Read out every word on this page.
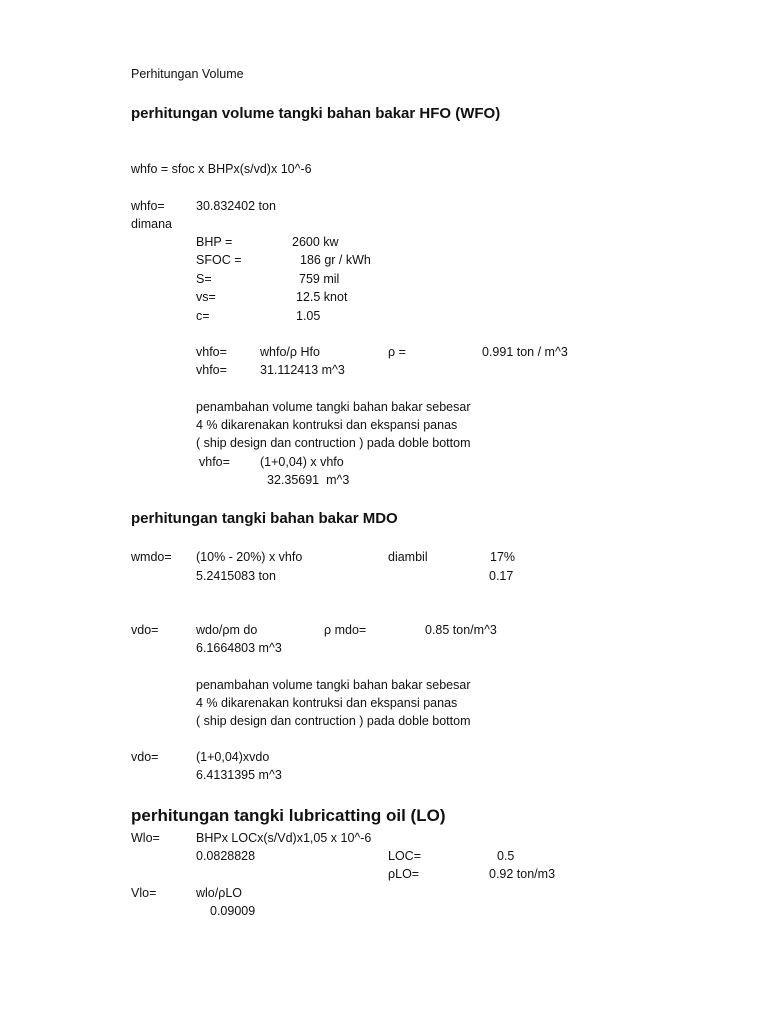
Perhitungan Volume
perhitungan volume tangki bahan bakar HFO (WFO)
whfo = sfoc x BHPx(s/vd)x 10^-6
whfo=	30.832402 ton
dimana
BHP =	2600 kw
SFOC =	186 gr / kWh
S=	759 mil
vs=	12.5 knot
c=	1.05
vhfo=	whfo/ρ Hfo	ρ =	0.991 ton / m^3
vhfo=	31.112413 m^3
penambahan volume tangki bahan bakar sebesar
4 % dikarenakan kontruksi dan ekspansi panas
( ship design dan contruction ) pada doble bottom
vhfo= (1+0,04) x vhfo
32.35691  m^3
perhitungan tangki bahan bakar MDO
wmdo= (10% - 20%) x vhfo	diambil	17%
5.2415083 ton	0.17
vdo=	wdo/ρm do	ρ mdo=	0.85 ton/m^3
6.1664803 m^3
penambahan volume tangki bahan bakar sebesar
4 % dikarenakan kontruksi dan ekspansi panas
( ship design dan contruction ) pada doble bottom
vdo=	(1+0,04)xvdo
6.4131395 m^3
perhitungan tangki lubricatting oil (LO)
Wlo=	BHPx LOCx(s/Vd)x1,05 x 10^-6
0.0828828	LOC=	0.5
ρLO=	0.92 ton/m3
Vlo=	wlo/ρLO
0.09009
